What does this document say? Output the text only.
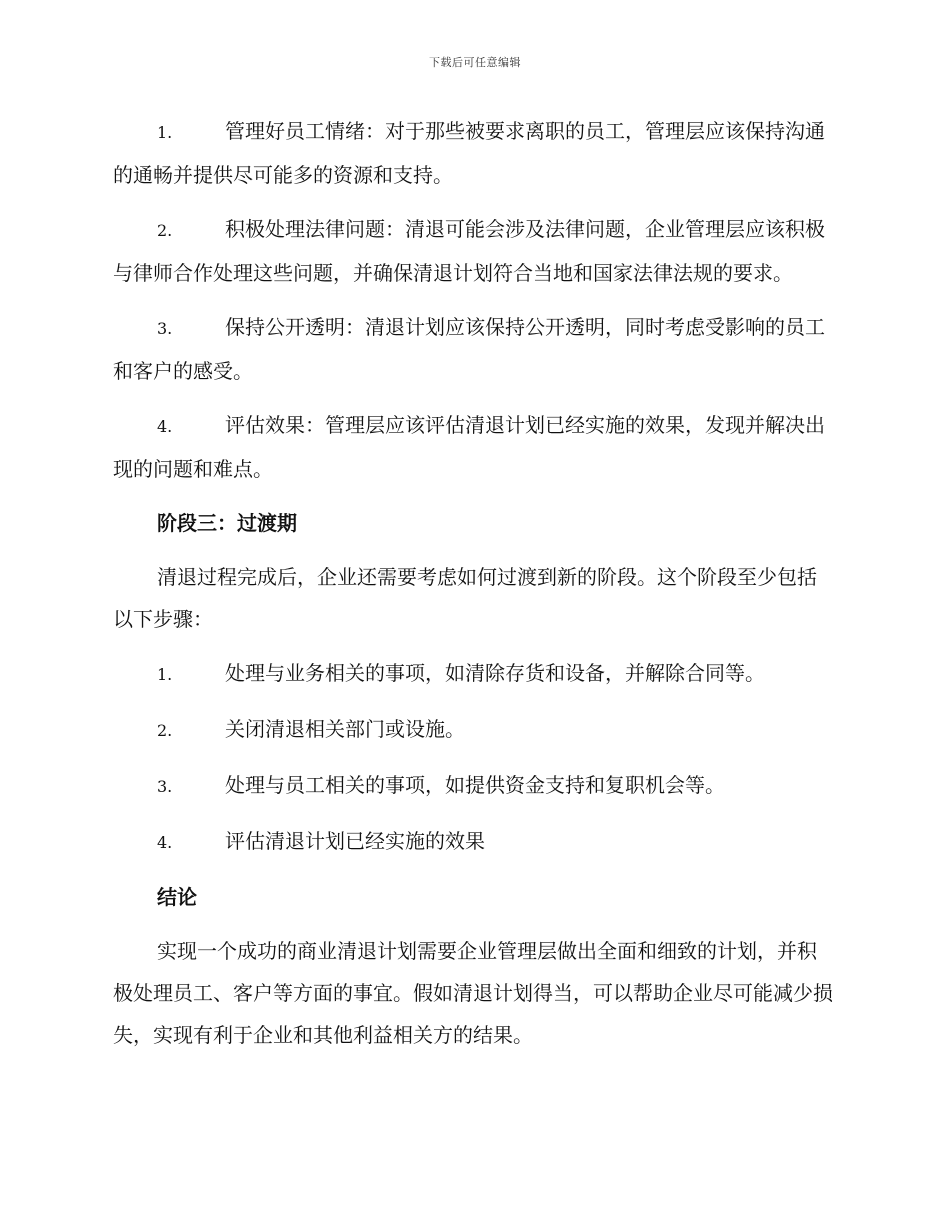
下载后可任意编辑
1.	管理好员工情绪：对于那些被要求离职的员工，管理层应该保持沟通的通畅并提供尽可能多的资源和支持。
2.	积极处理法律问题：清退可能会涉及法律问题，企业管理层应该积极与律师合作处理这些问题，并确保清退计划符合当地和国家法律法规的要求。
3.	保持公开透明：清退计划应该保持公开透明，同时考虑受影响的员工和客户的感受。
4.	评估效果：管理层应该评估清退计划已经实施的效果，发现并解决出现的问题和难点。
阶段三：过渡期
清退过程完成后，企业还需要考虑如何过渡到新的阶段。这个阶段至少包括以下步骤：
1.	处理与业务相关的事项，如清除存货和设备，并解除合同等。
2.	关闭清退相关部门或设施。
3.	处理与员工相关的事项，如提供资金支持和复职机会等。
4.	评估清退计划已经实施的效果
结论
实现一个成功的商业清退计划需要企业管理层做出全面和细致的计划，并积极处理员工、客户等方面的事宜。假如清退计划得当，可以帮助企业尽可能减少损失，实现有利于企业和其他利益相关方的结果。
